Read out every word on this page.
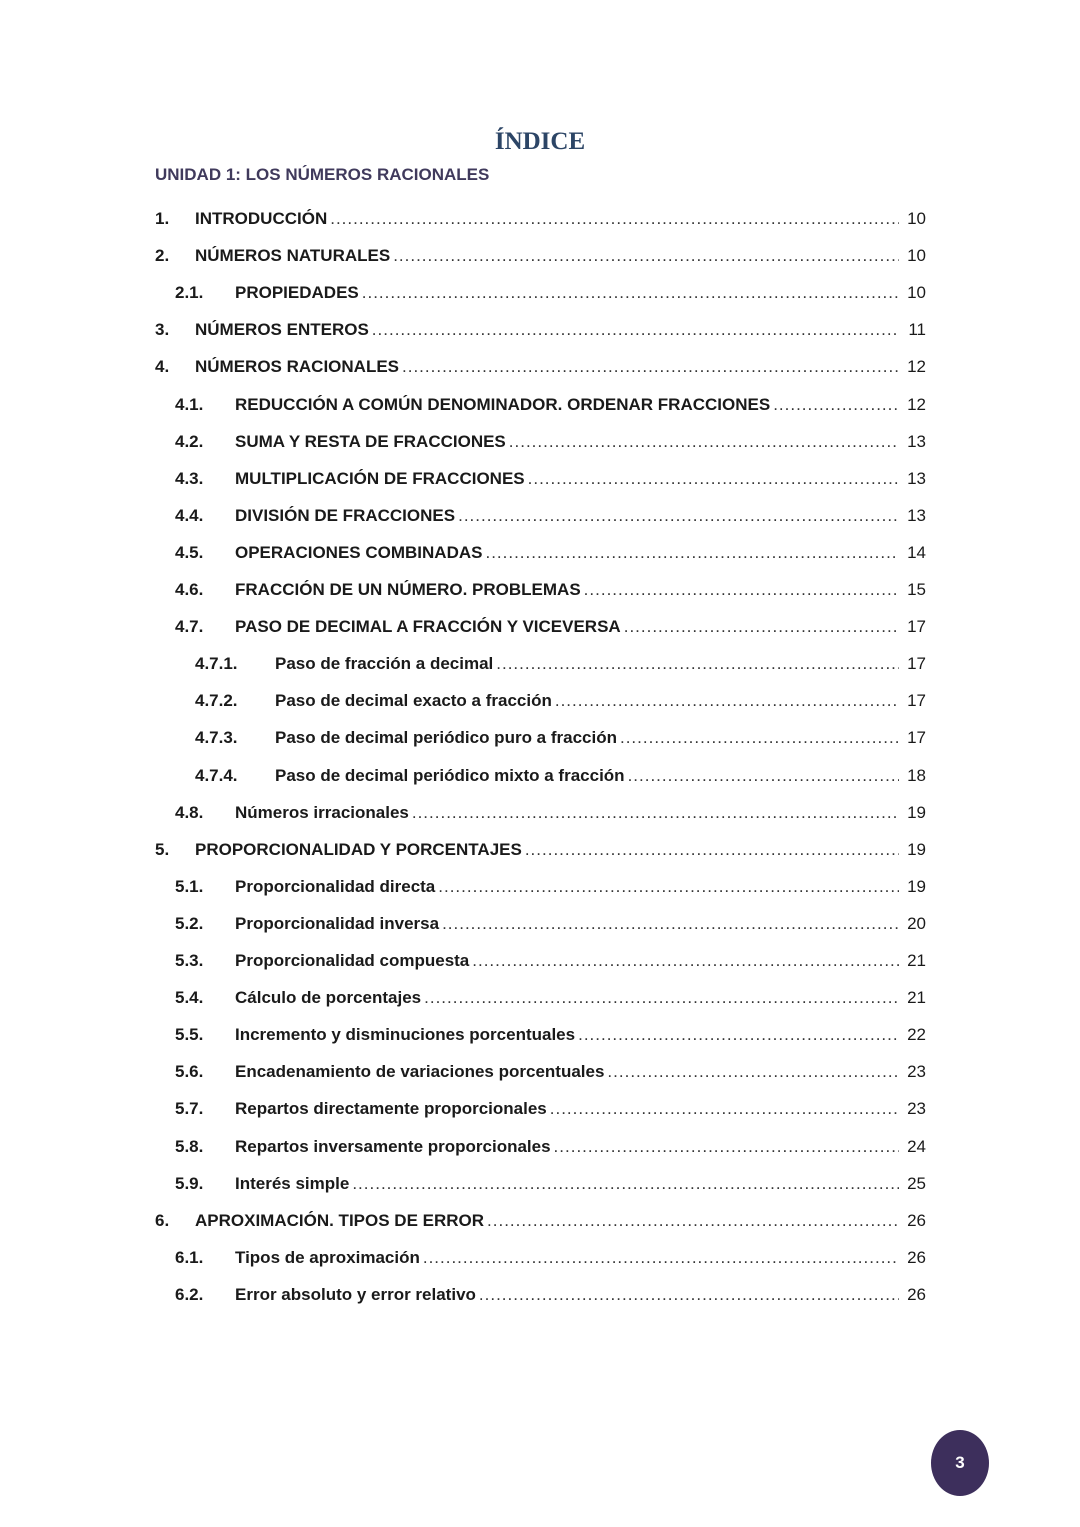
ÍNDICE
UNIDAD 1: LOS NÚMEROS RACIONALES
1.	INTRODUCCIÓN .....	10
2.	NÚMEROS NATURALES .....	10
2.1.	PROPIEDADES .....	10
3.	NÚMEROS ENTEROS .....	11
4.	NÚMEROS RACIONALES .....	12
4.1.	REDUCCIÓN A COMÚN DENOMINADOR. ORDENAR FRACCIONES .....	12
4.2.	SUMA Y RESTA DE FRACCIONES .....	13
4.3.	MULTIPLICACIÓN DE FRACCIONES .....	13
4.4.	DIVISIÓN DE FRACCIONES .....	13
4.5.	OPERACIONES COMBINADAS .....	14
4.6.	FRACCIÓN DE UN NÚMERO. PROBLEMAS .....	15
4.7.	PASO DE DECIMAL A FRACCIÓN Y VICEVERSA .....	17
4.7.1.	Paso de fracción a decimal .....	17
4.7.2.	Paso de decimal exacto a fracción .....	17
4.7.3.	Paso de decimal periódico puro a fracción .....	17
4.7.4.	Paso de decimal periódico mixto a fracción .....	18
4.8.	Números irracionales .....	19
5.	PROPORCIONALIDAD Y PORCENTAJES .....	19
5.1.	Proporcionalidad directa .....	19
5.2.	Proporcionalidad inversa .....	20
5.3.	Proporcionalidad compuesta .....	21
5.4.	Cálculo de porcentajes .....	21
5.5.	Incremento y disminuciones porcentuales .....	22
5.6.	Encadenamiento de variaciones porcentuales .....	23
5.7.	Repartos directamente proporcionales .....	23
5.8.	Repartos inversamente proporcionales .....	24
5.9.	Interés simple .....	25
6.	APROXIMACIÓN. TIPOS DE ERROR .....	26
6.1.	Tipos de aproximación .....	26
6.2.	Error absoluto y error relativo .....	26
3
